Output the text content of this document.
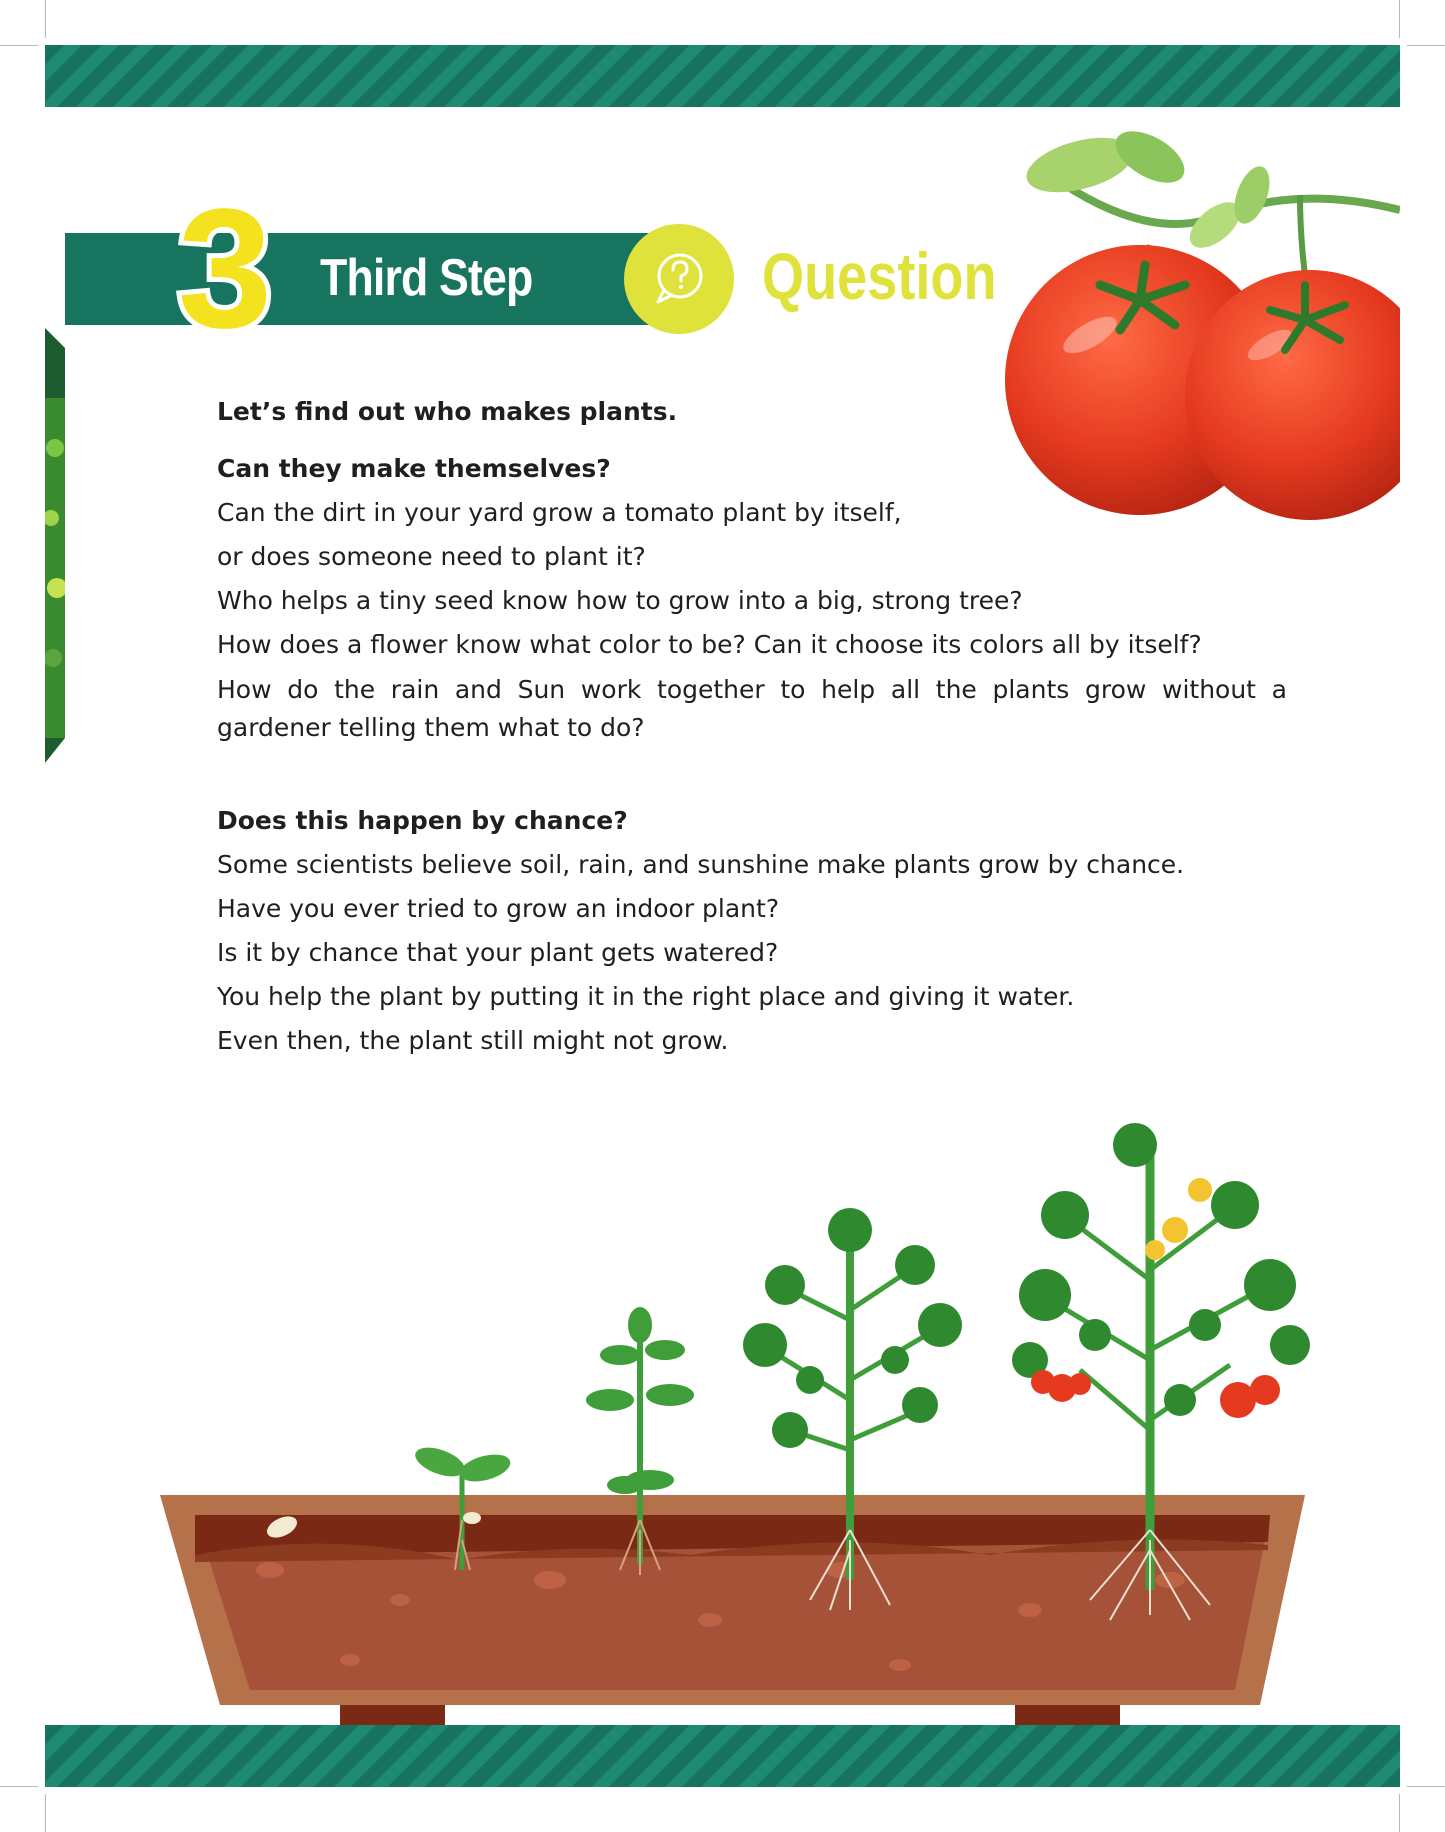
3 Third Step	Question

Let’s find out who makes plants.

Can they make themselves?

Can the dirt in your yard grow a tomato plant by itself,

or does someone need to plant it?

Who helps a tiny seed know how to grow into a big, strong tree?

How does a flower know what color to be? Can it choose its colors all by itself?

How do the rain and Sun work together to help all the plants grow without a gardener telling them what to do?

Does this happen by chance?

Some scientists believe soil, rain, and sunshine make plants grow by chance.

Have you ever tried to grow an indoor plant?

Is it by chance that your plant gets watered?

You help the plant by putting it in the right place and giving it water.

Even then, the plant still might not grow.
